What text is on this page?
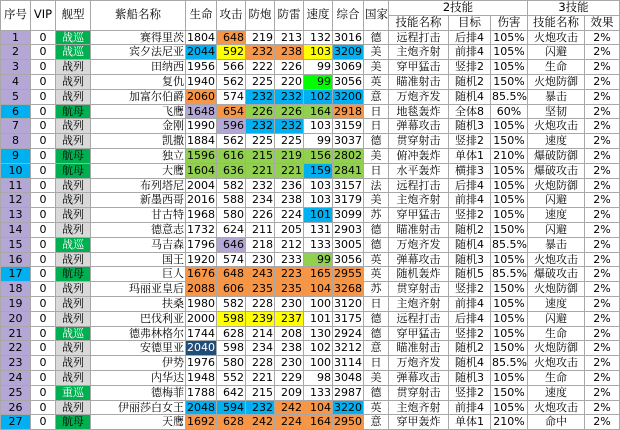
序号	VIP	舰型	紫船名称	生命	攻击	防炮	防雷	速度	综合	国家	2技能			3技能	
											技能名称	目标	伤害	技能名称	效果
1	0	战巡	赛得里茨	1804	648	219	213	132	3016	德	远程打击	后排4	105%	火炮攻击	2%
2	0	战巡	宾夕法尼亚	2044	592	232	238	103	3209	美	主炮齐射	前排4	105%	闪避	2%
3	0	战列	田纳西	1956	566	222	226	99	3069	美	穿甲猛击	竖排2	105%	生命	2%
4	0	战列	复仇	1940	562	225	220	99	3056	英	瞄准射击	随机2	150%	火炮防御	2%
5	0	战列	加富尔伯爵	2060	574	232	232	102	3200	意	万炮齐发	随机4	85.5%	暴击	2%
6	0	航母	飞鹰	1648	654	226	226	164	2918	日	地毯轰炸	全体8	60%	坚韧	2%
7	0	战列	金刚	1990	596	232	232	103	3159	日	弹幕攻击	随机3	105%	火炮攻击	2%
8	0	战列	凯撒	1884	562	225	225	99	3037	德	贯穿射击	竖排2	150%	速度	2%
9	0	航母	独立	1596	616	215	219	156	2802	美	俯冲轰炸	单体1	210%	爆破防御	2%
10	0	航母	大鹰	1604	636	221	221	159	2841	日	水平轰炸	横排3	105%	爆破攻击	2%
11	0	战列	布列塔尼	2004	582	232	236	103	3157	法	远程打击	后排4	105%	火炮防御	2%
12	0	战列	新墨西哥	2016	588	234	238	103	3179	美	主炮齐射	前排4	105%	闪避	2%
13	0	战列	甘古特	1968	580	226	224	101	3099	苏	穿甲猛击	竖排2	105%	速度	2%
14	0	战列	德意志	1732	624	211	205	131	2903	德	瞄准射击	随机2	150%	闪避	2%
15	0	战巡	马吉森	1796	646	218	212	133	3005	德	万炮齐发	随机4	85.5%	暴击	2%
16	0	战列	国王	1920	574	230	233	99	3056	英	弹幕攻击	随机3	105%	火炮攻击	2%
17	0	航母	巨人	1676	648	243	223	165	2955	英	随机轰炸	随机5	85.5%	爆破攻击	2%
18	0	战列	玛丽亚皇后	2088	606	235	235	104	3268	苏	贯穿射击	竖排2	150%	火炮防御	2%
19	0	战列	扶桑	1980	582	228	230	100	3120	日	主炮齐射	前排4	105%	速度	2%
20	0	战列	巴伐利亚	2000	598	239	237	101	3175	德	远程打击	后排4	105%	闪避	2%
21	0	战巡	德弗林格尔	1744	628	214	208	130	2924	德	穿甲猛击	竖排2	105%	生命	2%
22	0	战列	安德里亚	2040	598	234	238	102	3212	意	瞄准射击	随机2	150%	火炮防御	2%
23	0	战列	伊势	1976	580	228	230	100	3114	日	万炮齐发	随机4	85.5%	火炮攻击	2%
24	0	战列	内华达	1948	552	221	229	98	3048	美	弹幕攻击	随机3	105%	生命	2%
25	0	重巡	德梅菲	1788	642	215	209	133	2987	德	贯穿射击	竖排2	150%	速度	2%
26	0	战列	伊丽莎白女王	2048	594	232	242	104	3220	英	主炮齐射	前排4	105%	火炮攻击	2%
27	0	航母	天鹰	1692	628	242	224	164	2950	意	穿甲轰炸	单体1	210%	命中	2%
